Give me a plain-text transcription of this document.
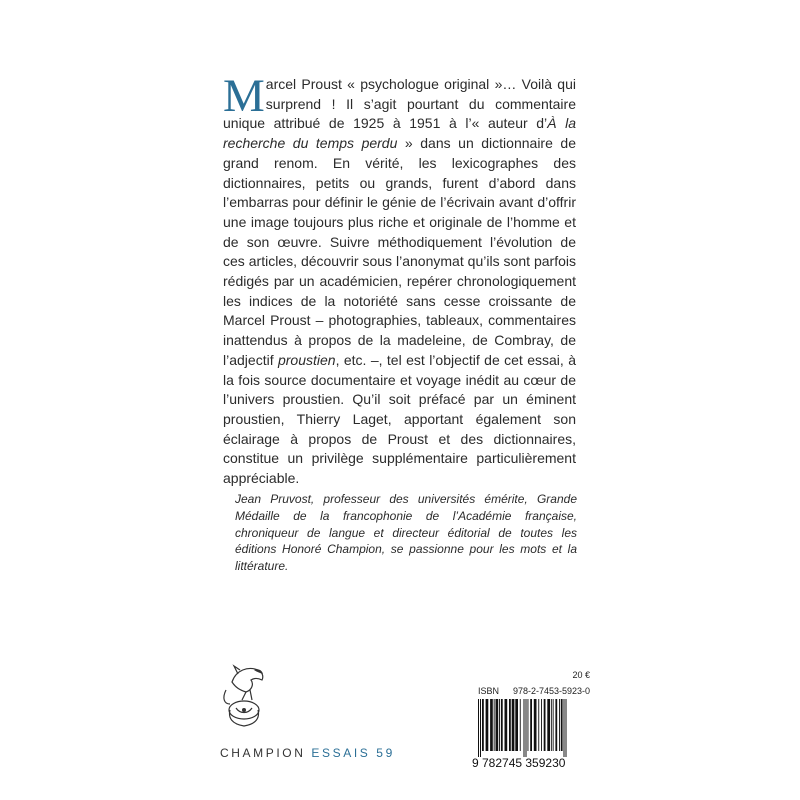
Marcel Proust « psychologue original »… Voilà qui surprend ! Il s’agit pourtant du commentaire unique attribué de 1925 à 1951 à l’« auteur d’À la recherche du temps perdu » dans un dictionnaire de grand renom. En vérité, les lexicographes des dictionnaires, petits ou grands, furent d’abord dans l’embarras pour définir le génie de l’écrivain avant d’offrir une image toujours plus riche et originale de l’homme et de son œuvre. Suivre méthodiquement l’évolution de ces articles, découvrir sous l’anonymat qu’ils sont parfois rédigés par un académicien, repérer chronologiquement les indices de la notoriété sans cesse croissante de Marcel Proust – photographies, tableaux, commentaires inattendus à propos de la madeleine, de Combray, de l’adjectif proustien, etc. –, tel est l’objectif de cet essai, à la fois source documentaire et voyage inédit au cœur de l’univers proustien. Qu’il soit préfacé par un éminent proustien, Thierry Laget, apportant également son éclairage à propos de Proust et des dictionnaires, constitue un privilège supplémentaire particulièrement appréciable.

Jean Pruvost, professeur des universités émérite, Grande Médaille de la francophonie de l’Académie française, chroniqueur de langue et directeur éditorial de toutes les éditions Honoré Champion, se passionne pour les mots et la littérature.

CHAMPION ESSAIS 59
20 €
ISBN 978-2-7453-5923-0
9 782745 359230
